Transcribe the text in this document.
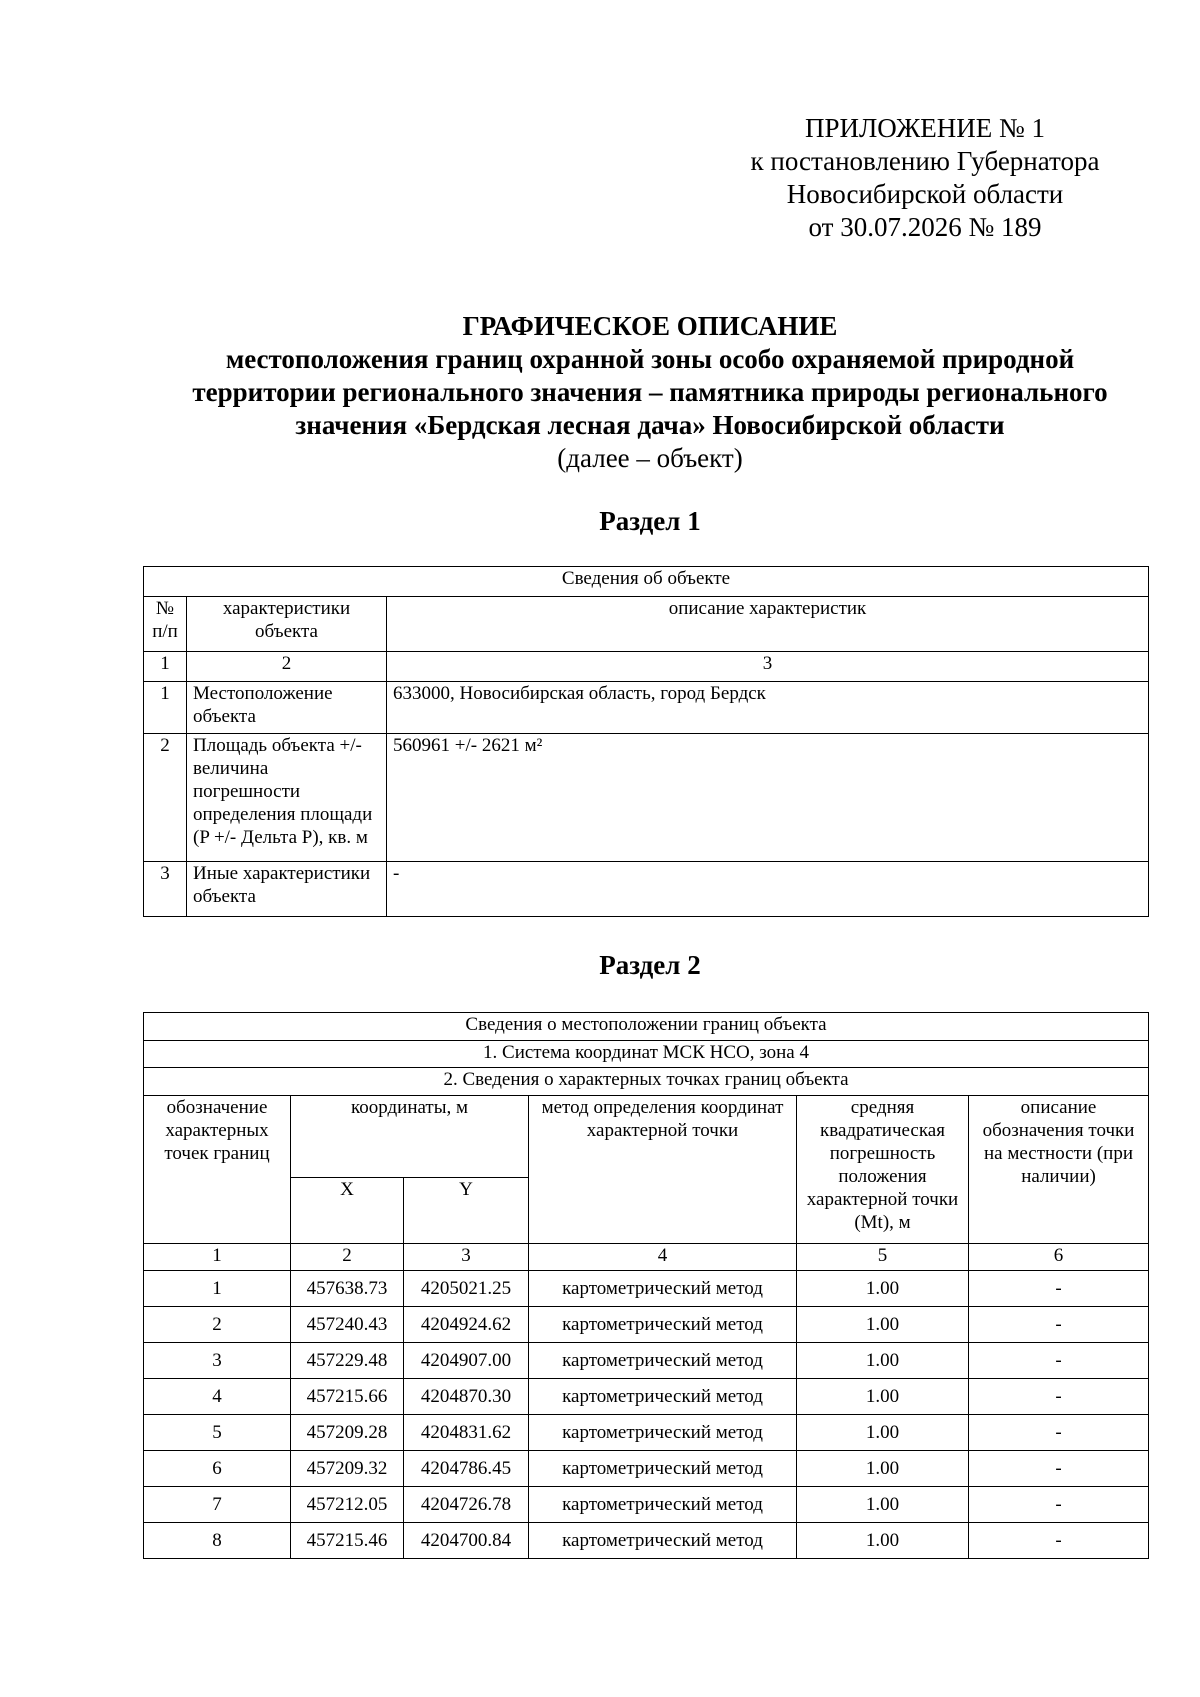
ПРИЛОЖЕНИЕ № 1
к постановлению Губернатора
Новосибирской области
от 30.07.2026 № 189
ГРАФИЧЕСКОЕ ОПИСАНИЕ
местоположения границ охранной зоны особо охраняемой природной
территории регионального значения – памятника природы регионального
значения «Бердская лесная дача» Новосибирской области
(далее – объект)
Раздел 1
Сведения об объекте		
№ п/п	характеристики объекта	описание характеристик
1	2	3
1	Местоположение объекта	633000, Новосибирская область, город Бердск
2	Площадь объекта +/- величина погрешности определения площади (P +/- Дельта P), кв. м	560961 +/- 2621 м²
3	Иные характеристики объекта	-
Раздел 2
Сведения о местоположении границ объекта					
1. Система координат МСК НСО, зона 4					
2. Сведения о характерных точках границ объекта					
обозначение характерных точек границ	координаты, м		метод определения координат характерной точки	средняя квадратическая погрешность положения характерной точки (Mt), м	описание обозначения точки на местности (при наличии)
	X	Y			
1	2	3	4	5	6
1	457638.73	4205021.25	картометрический метод	1.00	-
2	457240.43	4204924.62	картометрический метод	1.00	-
3	457229.48	4204907.00	картометрический метод	1.00	-
4	457215.66	4204870.30	картометрический метод	1.00	-
5	457209.28	4204831.62	картометрический метод	1.00	-
6	457209.32	4204786.45	картометрический метод	1.00	-
7	457212.05	4204726.78	картометрический метод	1.00	-
8	457215.46	4204700.84	картометрический метод	1.00	-
